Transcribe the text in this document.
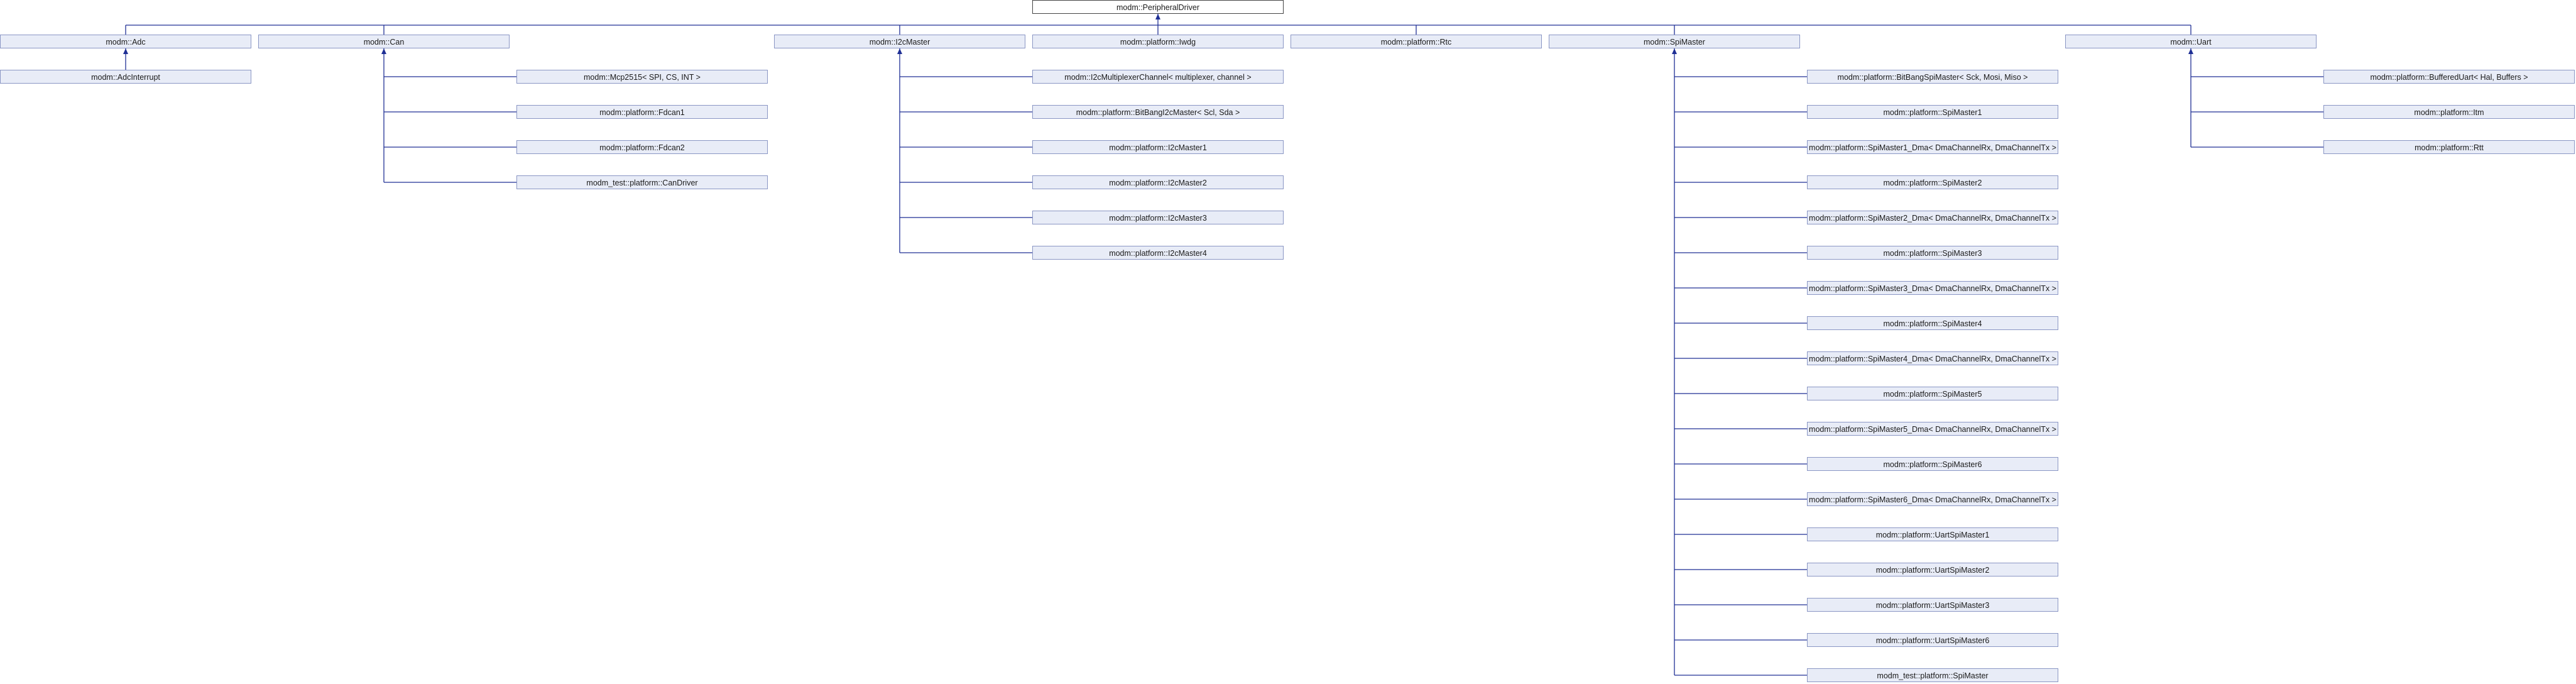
modm::PeripheralDriver
modm::Adc
modm::AdcInterrupt
modm::Can
modm::Mcp2515< SPI, CS, INT >
modm::platform::Fdcan1
modm::platform::Fdcan2
modm_test::platform::CanDriver
modm::I2cMaster
modm::I2cMultiplexerChannel< multiplexer, channel >
modm::platform::BitBangI2cMaster< Scl, Sda >
modm::platform::I2cMaster1
modm::platform::I2cMaster2
modm::platform::I2cMaster3
modm::platform::I2cMaster4
modm::platform::Iwdg	modm::platform::Rtc	modm::SpiMaster
modm::platform::BitBangSpiMaster< Sck, Mosi, Miso >
modm::platform::SpiMaster1
modm::platform::SpiMaster1_Dma< DmaChannelRx, DmaChannelTx >
modm::platform::SpiMaster2
modm::platform::SpiMaster2_Dma< DmaChannelRx, DmaChannelTx >
modm::platform::SpiMaster3
modm::platform::SpiMaster3_Dma< DmaChannelRx, DmaChannelTx >
modm::platform::SpiMaster4
modm::platform::SpiMaster4_Dma< DmaChannelRx, DmaChannelTx >
modm::platform::SpiMaster5
modm::platform::SpiMaster5_Dma< DmaChannelRx, DmaChannelTx >
modm::platform::SpiMaster6
modm::platform::SpiMaster6_Dma< DmaChannelRx, DmaChannelTx >
modm::platform::UartSpiMaster1
modm::platform::UartSpiMaster2
modm::platform::UartSpiMaster3
modm::platform::UartSpiMaster6
modm_test::platform::SpiMaster
modm::Uart
modm::platform::BufferedUart< Hal, Buffers >
modm::platform::Itm
modm::platform::Rtt
